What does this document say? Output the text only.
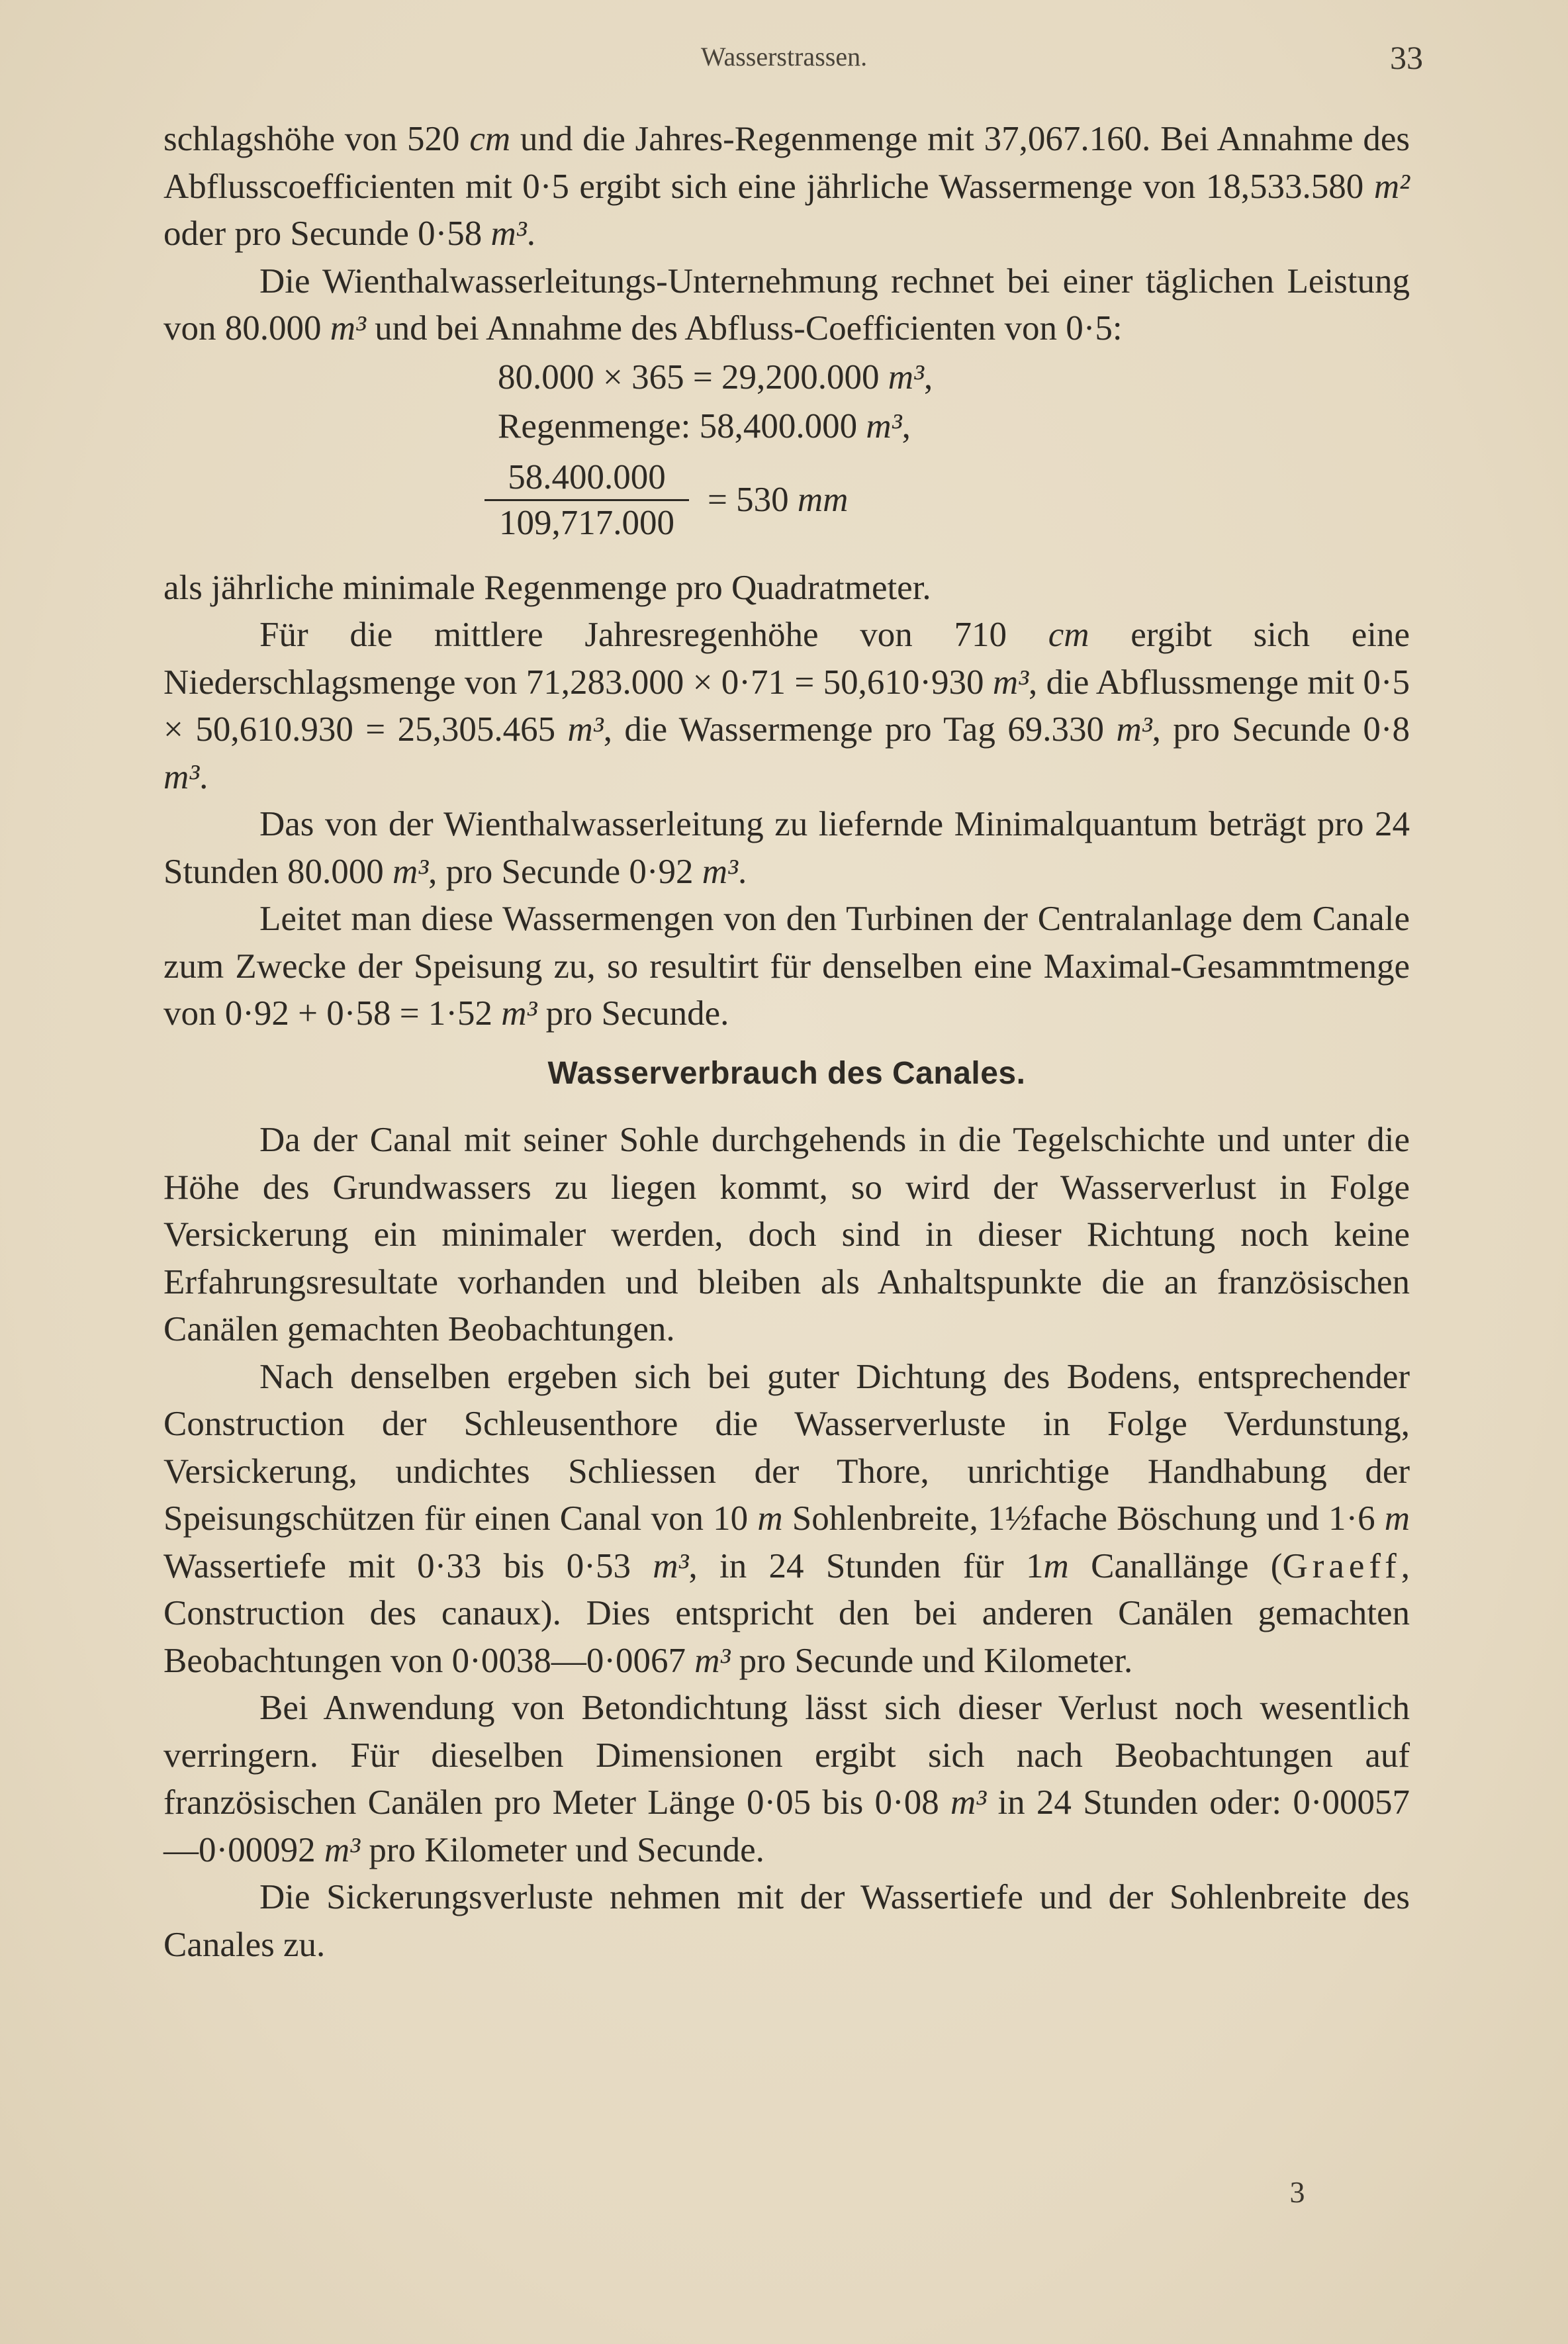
Wasserstrassen.	33

schlagshöhe von 520 cm und die Jahres-Regenmenge mit 37,067.160. Bei Annahme des Abflusscoefficienten mit 0·5 ergibt sich eine jährliche Wassermenge von 18,533.580 m² oder pro Secunde 0·58 m³.

Die Wienthalwasserleitungs-Unternehmung rechnet bei einer täglichen Leistung von 80.000 m³ und bei Annahme des Abfluss-Coefficienten von 0·5:

80.000 × 365 = 29,200.000 m³,
Regenmenge: 58,400.000 m³,
$\frac{58.400.000}{109,717.000} = 530$ mm

als jährliche minimale Regenmenge pro Quadratmeter.

Für die mittlere Jahresregenhöhe von 710 cm ergibt sich eine Niederschlagsmenge von 71,283.000 × 0·71 = 50,610·930 m³, die Abflussmenge mit 0·5 × 50,610.930 = 25,305.465 m³, die Wassermenge pro Tag 69.330 m³, pro Secunde 0·8 m³.

Das von der Wienthalwasserleitung zu liefernde Minimalquantum beträgt pro 24 Stunden 80.000 m³, pro Secunde 0·92 m³.

Leitet man diese Wassermengen von den Turbinen der Centralanlage dem Canale zum Zwecke der Speisung zu, so resultirt für denselben eine Maximal-Gesammtmenge von 0·92 + 0·58 = 1·52 m³ pro Secunde.

Wasserverbrauch des Canales.

Da der Canal mit seiner Sohle durchgehends in die Tegelschichte und unter die Höhe des Grundwassers zu liegen kommt, so wird der Wasserverlust in Folge Versickerung ein minimaler werden, doch sind in dieser Richtung noch keine Erfahrungsresultate vorhanden und bleiben als Anhaltspunkte die an französischen Canälen gemachten Beobachtungen.

Nach denselben ergeben sich bei guter Dichtung des Bodens, entsprechender Construction der Schleusenthore die Wasserverluste in Folge Verdunstung, Versickerung, undichtes Schliessen der Thore, unrichtige Handhabung der Speisungschützen für einen Canal von 10 m Sohlenbreite, 1½fache Böschung und 1·6 m Wassertiefe mit 0·33 bis 0·53 m³, in 24 Stunden für 1m Canallänge (Graeff, Construction des canaux). Dies entspricht den bei anderen Canälen gemachten Beobachtungen von 0·0038—0·0067 m³ pro Secunde und Kilometer.

Bei Anwendung von Betondichtung lässt sich dieser Verlust noch wesentlich verringern. Für dieselben Dimensionen ergibt sich nach Beobachtungen auf französischen Canälen pro Meter Länge 0·05 bis 0·08 m³ in 24 Stunden oder: 0·00057—0·00092 m³ pro Kilometer und Secunde.

Die Sickerungsverluste nehmen mit der Wassertiefe und der Sohlenbreite des Canales zu.

3
